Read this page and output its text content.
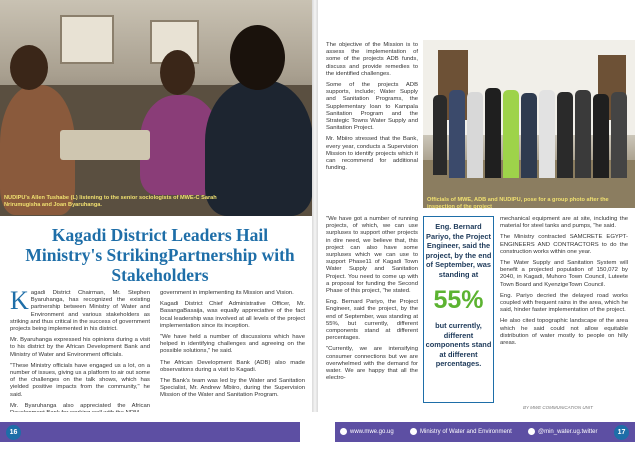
NUDIPU's Allen Tushabe (L) listening to the senior sociologists of MWE-C Sarah Nrirumugisha and Joan Byaruhanga.
Kagadi District Leaders Hail Ministry's StrikingPartnership with Stakeholders

Kagadi District Chairman, Mr. Stephen Byaruhanga, has recognized the existing partnership between Ministry of Water and Environment and various stakeholders as striking and thus critical in the success of government projects being implemented in his district.

Mr. Byaruhanga expressed his opinions during a visit to his district by the African Development Bank and Ministry of Water and Environment officials.

"These Ministry officials have engaged us a lot, on a number of issues, giving us a platform to air out some of the challenges on the talk shows, which has yielded positive impacts from the community," he said.

Mr. Byaruhanga also appreciated the African

government in implementing its Mission and Vision.

Kagadi District Chief Administrative Officer, Mr. BasangaBasaija, was equally appreciative of the fact local leadership was involved at all levels of the project implementation since its inception.

"We have held a number of discussions which have helped in identifying challenges and agreeing on the possible solutions," he said.

The African Development Bank (ADB) also made observations during a visit to Kagadi.

The Bank's team was led by the Water and Sanitation Specialist, Mr. Andrew Mbiiro, during the Supervision Mission of the Water and Sanitation Program.

The objective of the Mission is to assess the implementation of some of the projects ADB funds, discuss and provide remedies to the identified challenges.

Some of the projects ADB supports, include; Water Supply and Sanitation Programs, the Supplementary loan to Kampala Sanitation Program and the Strategic Towns Water Supply and Sanitation Project.

Mr. Mbiiro stressed that the Bank, every year, conducts a Supervision Mission to identify projects which it can recommend for additional funding.

"We have got a number of running projects, of which, we can use surpluses to support other projects in dire need, we believe that, this project can also have some surpluses which we can use to support Phase11 of Kagadi Town Water Supply and Sanitation Project. You need to come up with a proposal for funding the Second Phase of this project, "he stated.

Eng. Bernard Pariyo, the Project Engineer, said the project, by the end of September, was standing at 55%, but currently, different components stand at different percentages.

"Currently, we are intensifying consumer connections but we are overwhelmed with the demand for water. We are happy that all the electro-

Officials of MWE, ADB and NUDIPU, pose for a group photo after the inspection of the project
Eng. Bernard Pariyo, the Project Engineer, said the project, by the end of September, was standing at
55%
but currently, different components stand at different percentages.

mechanical equipment are at site, including the material for steel tanks and pumps, "he said.

The Ministry contracted SAMCRETE EGYPT-ENGINEERS AND CONTRACTORS to do the construction works within one year.

The Water Supply and Sanitation System will benefit a projected population of 150,072 by 2040, in Kagadi, Muhoro Town Council, Luteete Town Board and KyenzigeTown Council.

Eng. Pariyo decried the delayed road works coupled with frequent rains in the area, which he said, hinder faster implementation of the project.

He also cited topographic landscape of the area which he said could not allow equitable distribution of water mostly to people on hilly areas.

BY MWE COMMUNICATION UNIT
16	17
www.mwe.go.ug	Ministry of Water and Environment	@min_water.ug.twitter
